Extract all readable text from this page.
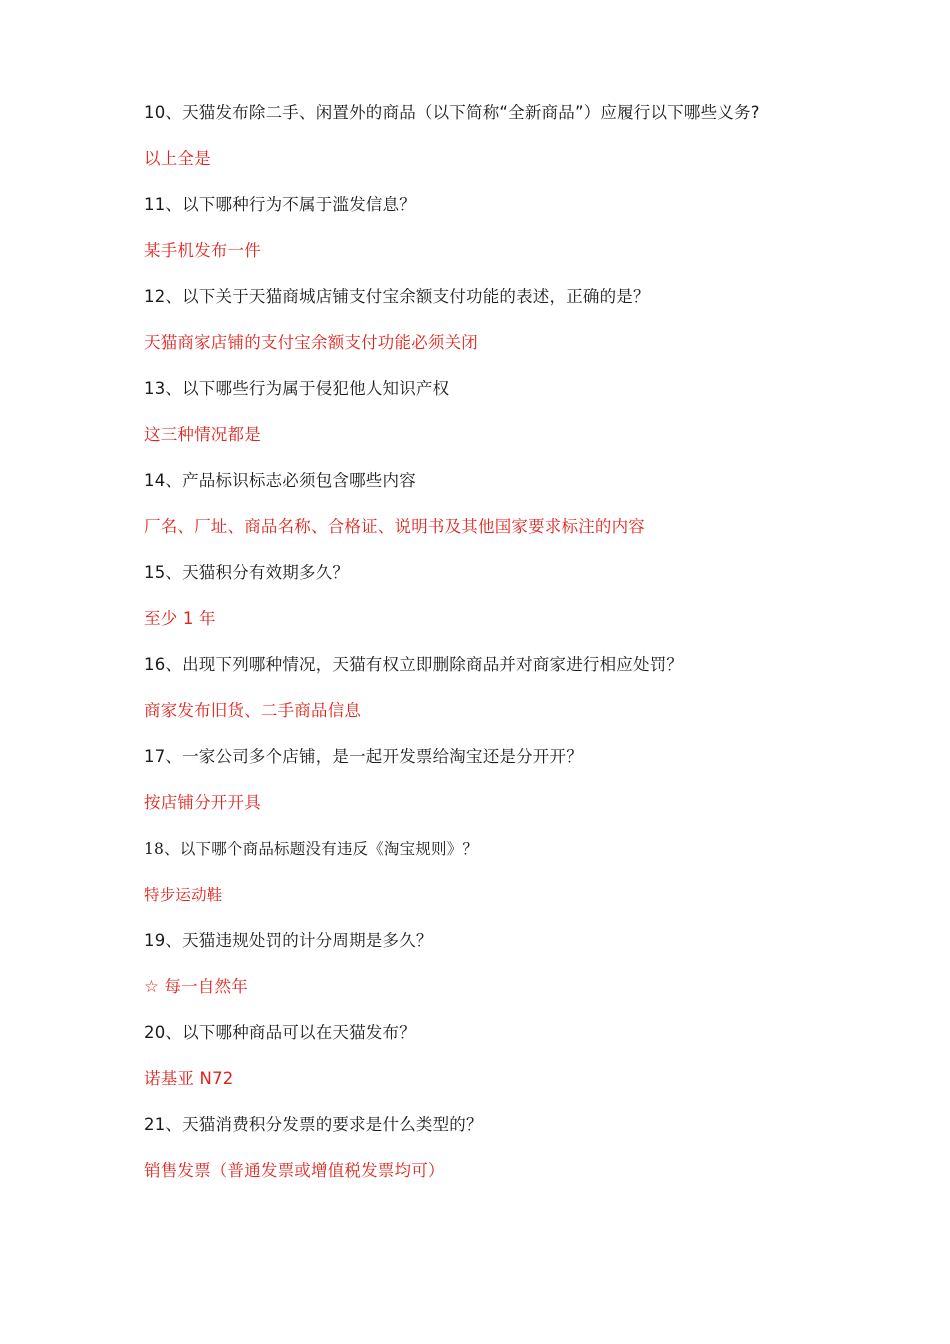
10、天猫发布除二手、闲置外的商品（以下简称“全新商品”）应履行以下哪些义务?
以上全是
11、以下哪种行为不属于滥发信息？
某手机发布一件
12、以下关于天猫商城店铺支付宝余额支付功能的表述，正确的是？
天猫商家店铺的支付宝余额支付功能必须关闭
13、以下哪些行为属于侵犯他人知识产权
这三种情况都是
14、产品标识标志必须包含哪些内容
厂名、厂址、商品名称、合格证、说明书及其他国家要求标注的内容
15、天猫积分有效期多久？
至少 1 年
16、出现下列哪种情况，天猫有权立即删除商品并对商家进行相应处罚？
商家发布旧货、二手商品信息
17、一家公司多个店铺，是一起开发票给淘宝还是分开开？
按店铺分开开具
18、以下哪个商品标题没有违反《淘宝规则》？
特步运动鞋
19、天猫违规处罚的计分周期是多久？
☆ 每一自然年
20、以下哪种商品可以在天猫发布？
诺基亚 N72
21、天猫消费积分发票的要求是什么类型的？
销售发票（普通发票或增值税发票均可）
